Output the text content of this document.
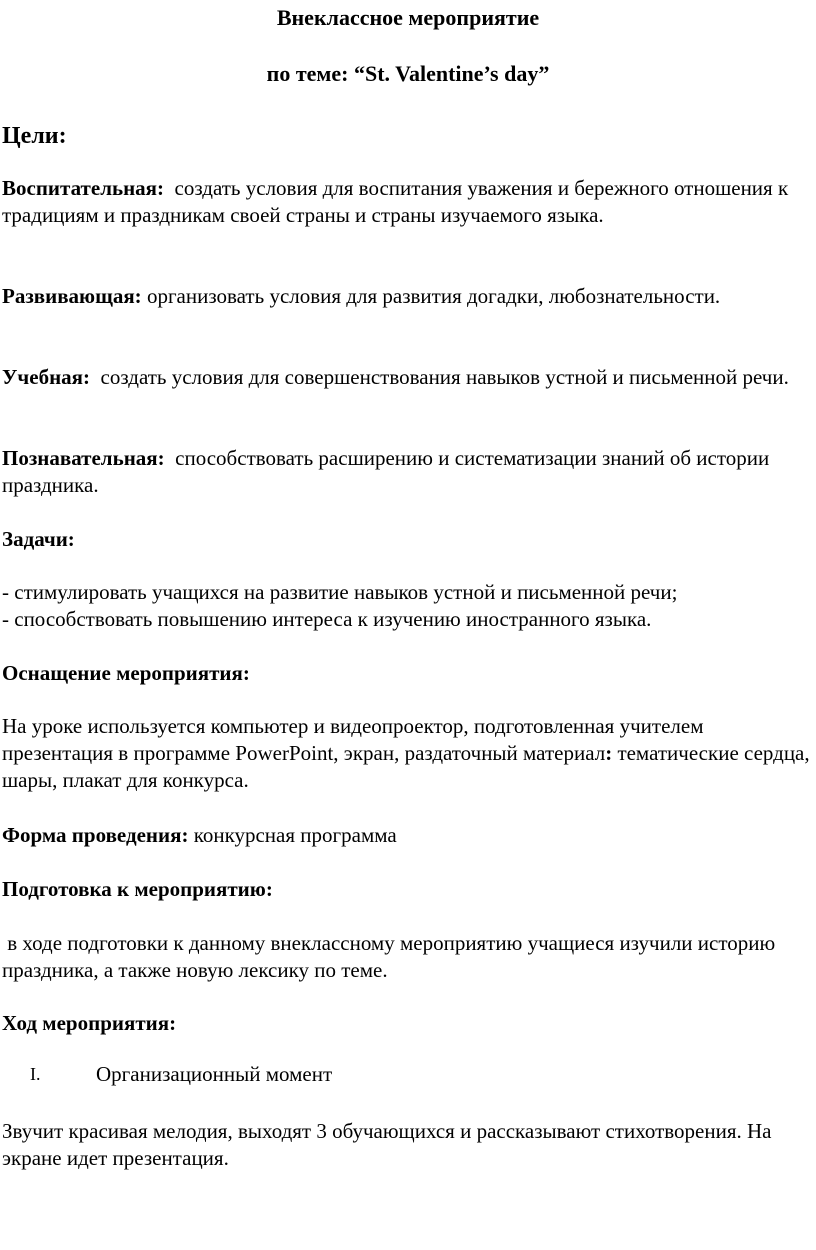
Внеклассное мероприятие
по теме: “St. Valentine’s day”
Цели:

Воспитательная: создать условия для воспитания уважения и бережного отношения к традициям и праздникам своей страны и страны изучаемого языка.

Развивающая: организовать условия для развития догадки, любознательности.

Учебная: создать условия для совершенствования навыков устной и письменной речи.

Познавательная: способствовать расширению и систематизации знаний об истории праздника.

Задачи:

- стимулировать учащихся на развитие навыков устной и письменной речи;

- способствовать повышению интереса к изучению иностранного языка.

Оснащение мероприятия:

На уроке используется компьютер и видеопроектор, подготовленная учителем презентация в программе PowerPoint, экран, раздаточный материал: тематические сердца, шары, плакат для конкурса.

Форма проведения: конкурсная программа

Подготовка к мероприятию:

в ходе подготовки к данному внеклассному мероприятию учащиеся изучили историю праздника, а также новую лексику по теме.

Ход мероприятия:
I.	Организационный момент

Звучит красивая мелодия, выходят 3 обучающихся и рассказывают стихотворения. На экране идет презентация.
